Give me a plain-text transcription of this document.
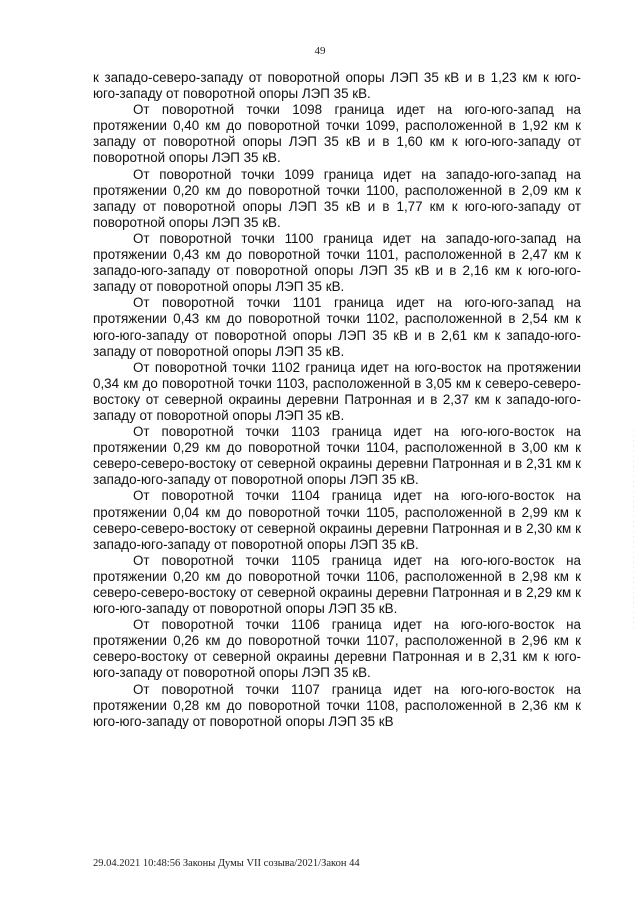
49

к западо-северо-западу от поворотной опоры ЛЭП 35 кВ и в 1,23 км к юго-юго-западу от поворотной опоры ЛЭП 35 кВ.

От поворотной точки 1098 граница идет на юго-юго-запад на протяжении 0,40 км до поворотной точки 1099, расположенной в 1,92 км к западу от поворотной опоры ЛЭП 35 кВ и в 1,60 км к юго-юго-западу от поворотной опоры ЛЭП 35 кВ.

От поворотной точки 1099 граница идет на западо-юго-запад на протяжении 0,20 км до поворотной точки 1100, расположенной в 2,09 км к западу от поворотной опоры ЛЭП 35 кВ и в 1,77 км к юго-юго-западу от поворотной опоры ЛЭП 35 кВ.

От поворотной точки 1100 граница идет на западо-юго-запад на протяжении 0,43 км до поворотной точки 1101, расположенной в 2,47 км к западо-юго-западу от поворотной опоры ЛЭП 35 кВ и в 2,16 км к юго-юго-западу от поворотной опоры ЛЭП 35 кВ.

От поворотной точки 1101 граница идет на юго-юго-запад на протяжении 0,43 км до поворотной точки 1102, расположенной в 2,54 км к юго-юго-западу от поворотной опоры ЛЭП 35 кВ и в 2,61 км к западо-юго-западу от поворотной опоры ЛЭП 35 кВ.

От поворотной точки 1102 граница идет на юго-восток на протяжении 0,34 км до поворотной точки 1103, расположенной в 3,05 км к северо-северо-востоку от северной окраины деревни Патронная и в 2,37 км к западо-юго-западу от поворотной опоры ЛЭП 35 кВ.

От поворотной точки 1103 граница идет на юго-юго-восток на протяжении 0,29 км до поворотной точки 1104, расположенной в 3,00 км к северо-северо-востоку от северной окраины деревни Патронная и в 2,31 км к западо-юго-западу от поворотной опоры ЛЭП 35 кВ.

От поворотной точки 1104 граница идет на юго-юго-восток на протяжении 0,04 км до поворотной точки 1105, расположенной в 2,99 км к северо-северо-востоку от северной окраины деревни Патронная и в 2,30 км к западо-юго-западу от поворотной опоры ЛЭП 35 кВ.

От поворотной точки 1105 граница идет на юго-юго-восток на протяжении 0,20 км до поворотной точки 1106, расположенной в 2,98 км к северо-северо-востоку от северной окраины деревни Патронная и в 2,29 км к юго-юго-западу от поворотной опоры ЛЭП 35 кВ.

От поворотной точки 1106 граница идет на юго-юго-восток на протяжении 0,26 км до поворотной точки 1107, расположенной в 2,96 км к северо-востоку от северной окраины деревни Патронная и в 2,31 км к юго-юго-западу от поворотной опоры ЛЭП 35 кВ.

От поворотной точки 1107 граница идет на юго-юго-восток на протяжении 0,28 км до поворотной точки 1108, расположенной в 2,36 км к юго-юго-западу от поворотной опоры ЛЭП 35 кВ

· · · · · · · · · · · · · · · · · · · · · · · · · · · · · · · · · · · · · · · ·
29.04.2021 10:48:56 Законы Думы VII созыва/2021/Закон 44
